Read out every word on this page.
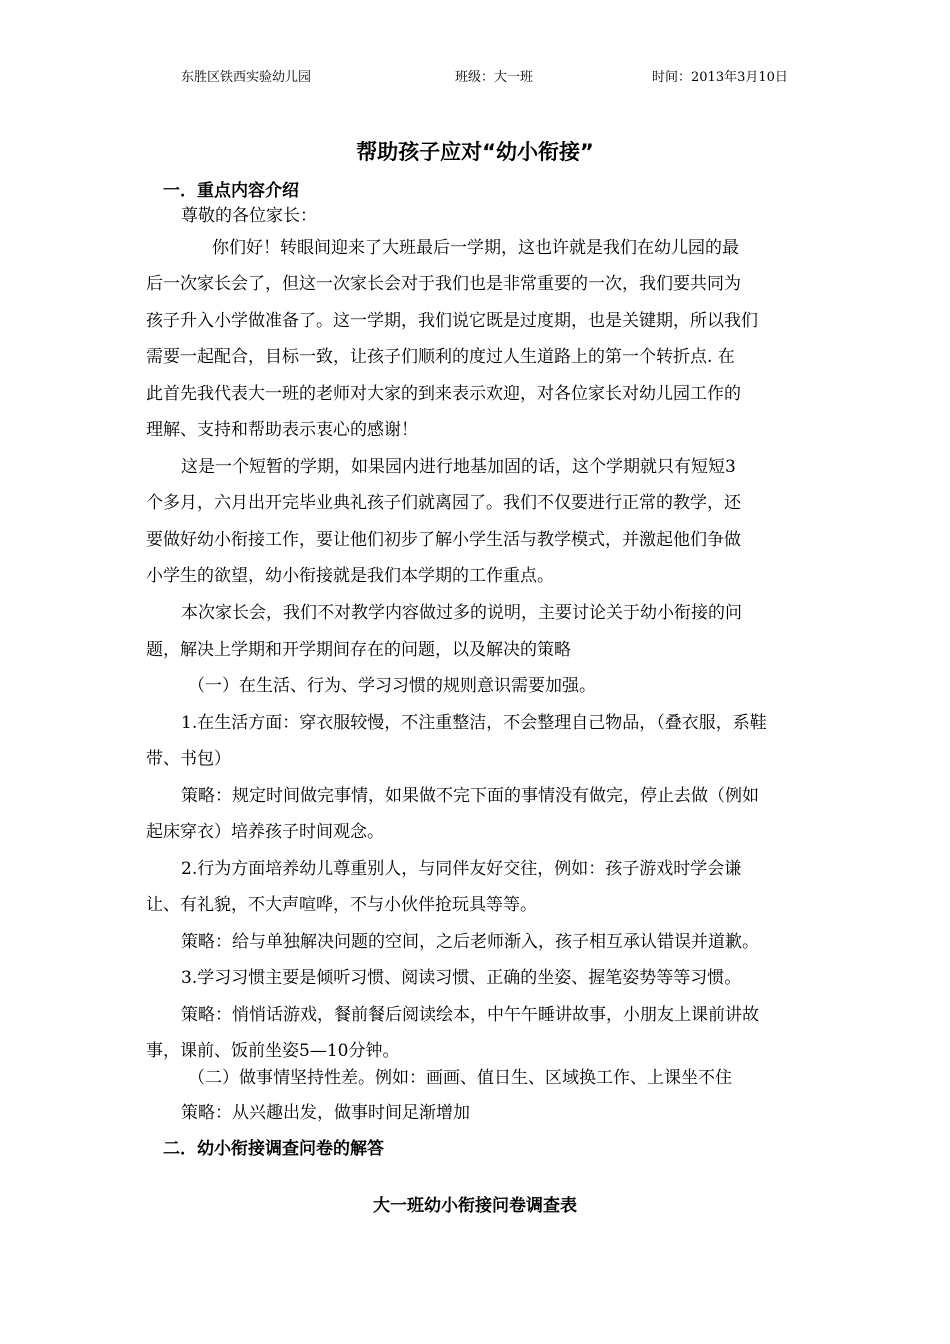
东胜区铁西实验幼儿园	班级：大一班	时间：2013年3月10日
帮助孩子应对“幼小衔接”
一．重点内容介绍
尊敬的各位家长：
你们好！转眼间迎来了大班最后一学期，这也许就是我们在幼儿园的最
后一次家长会了，但这一次家长会对于我们也是非常重要的一次，我们要共同为
孩子升入小学做准备了。这一学期，我们说它既是过度期，也是关键期，所以我们
需要一起配合，目标一致，让孩子们顺利的度过人生道路上的第一个转折点. 在
此首先我代表大一班的老师对大家的到来表示欢迎，对各位家长对幼儿园工作的
理解、支持和帮助表示衷心的感谢！
这是一个短暂的学期，如果园内进行地基加固的话，这个学期就只有短短3
个多月，六月出开完毕业典礼孩子们就离园了。我们不仅要进行正常的教学，还
要做好幼小衔接工作，要让他们初步了解小学生活与教学模式，并激起他们争做
小学生的欲望，幼小衔接就是我们本学期的工作重点。
本次家长会，我们不对教学内容做过多的说明，主要讨论关于幼小衔接的问
题，解决上学期和开学期间存在的问题，以及解决的策略
（一）在生活、行为、学习习惯的规则意识需要加强。
1.在生活方面：穿衣服较慢，不注重整洁，不会整理自己物品，（叠衣服，系鞋
带、书包）
策略：规定时间做完事情，如果做不完下面的事情没有做完，停止去做（例如
起床穿衣）培养孩子时间观念。
2.行为方面培养幼儿尊重别人，与同伴友好交往，例如：孩子游戏时学会谦
让、有礼貌，不大声喧哗，不与小伙伴抢玩具等等。
策略：给与单独解决问题的空间，之后老师渐入，孩子相互承认错误并道歉。
3.学习习惯主要是倾听习惯、阅读习惯、正确的坐姿、握笔姿势等等习惯。
策略：悄悄话游戏，餐前餐后阅读绘本，中午午睡讲故事，小朋友上课前讲故
事，课前、饭前坐姿5—10分钟。
（二）做事情坚持性差。例如：画画、值日生、区域换工作、上课坐不住
策略：从兴趣出发，做事时间足渐增加
二．幼小衔接调查问卷的解答
大一班幼小衔接问卷调查表
